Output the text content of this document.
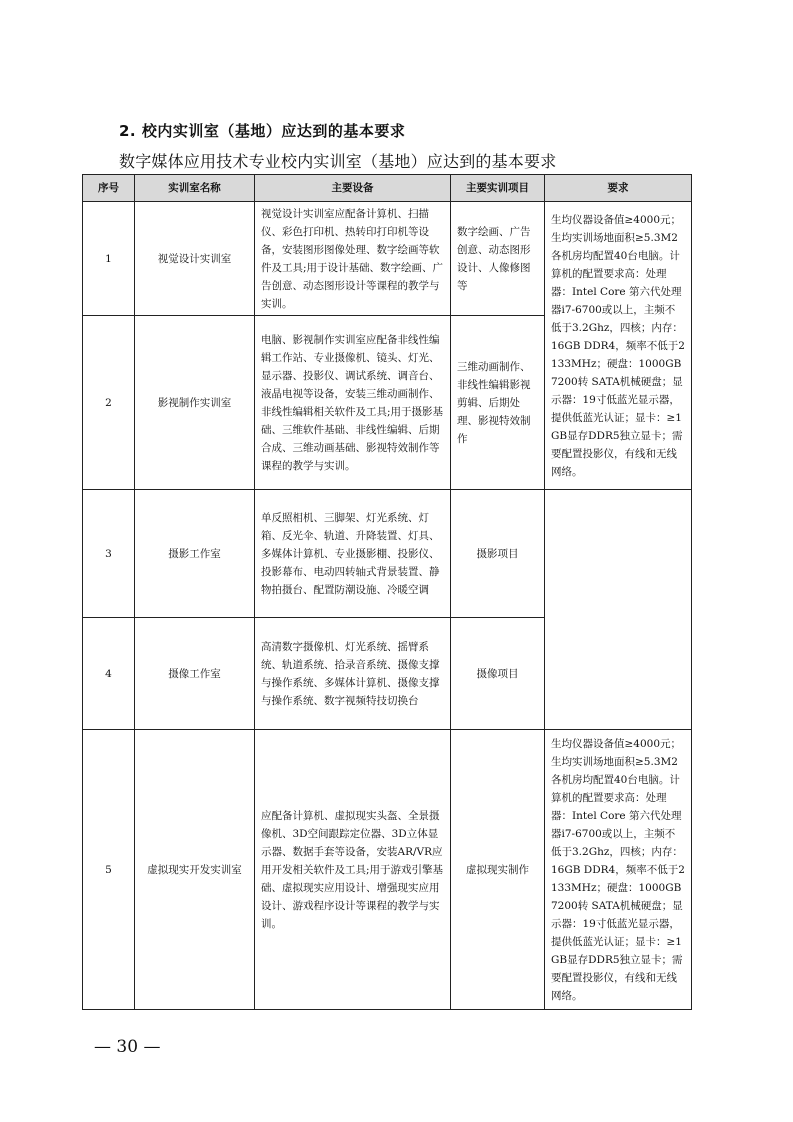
2. 校内实训室（基地）应达到的基本要求
数字媒体应用技术专业校内实训室（基地）应达到的基本要求
序号	实训室名称	主要设备	主要实训项目	要求
1	视觉设计实训室	视觉设计实训室应配备计算机、扫描仪、彩色打印机、热转印打印机等设备，安装图形图像处理、数字绘画等软件及工具;用于设计基础、数字绘画、广告创意、动态图形设计等课程的教学与实训。	数字绘画、广告创意、动态图形设计、人像修图等	生均仪器设备值≥4000元；生均实训场地面积≥5.3M2各机房均配置40台电脑。计算机的配置要求高：处理器：Intel Core 第六代处理器i7-6700或以上，主频不低于3.2Ghz，四核；内存：16GB DDR4，频率不低于2133MHz；硬盘：1000GB 7200转 SATA机械硬盘；显示器：19寸低蓝光显示器，提供低蓝光认证；显卡：≥1GB显存DDR5独立显卡；需要配置投影仪，有线和无线网络。
2	影视制作实训室	电脑、影视制作实训室应配备非线性编辑工作站、专业摄像机、镜头、灯光、显示器、投影仪、调试系统、调音台、液晶电视等设备，安装三维动画制作、非线性编辑相关软件及工具;用于摄影基础、三维软件基础、非线性编辑、后期合成、三维动画基础、影视特效制作等课程的教学与实训。	三维动画制作、非线性编辑影视剪辑、后期处理、影视特效制作	
3	摄影工作室	单反照相机、三脚架、灯光系统、灯箱、反光伞、轨道、升降装置、灯具、多媒体计算机、专业摄影棚、投影仪、投影幕布、电动四转轴式背景装置、静物拍摄台、配置防潮设施、冷暖空调	摄影项目	
4	摄像工作室	高清数字摄像机、灯光系统、摇臂系统、轨道系统、拾录音系统、摄像支撑与操作系统、多媒体计算机、摄像支撑与操作系统、数字视频特技切换台	摄像项目	
5	虚拟现实开发实训室	应配备计算机、虚拟现实头盔、全景摄像机、3D空间跟踪定位器、3D立体显示器、数据手套等设备，安装AR/VR应用开发相关软件及工具;用于游戏引擎基础、虚拟现实应用设计、增强现实应用设计、游戏程序设计等课程的教学与实训。	虚拟现实制作	生均仪器设备值≥4000元；生均实训场地面积≥5.3M2各机房均配置40台电脑。计算机的配置要求高：处理器：Intel Core 第六代处理器i7-6700或以上，主频不低于3.2Ghz，四核；内存：16GB DDR4，频率不低于2133MHz；硬盘：1000GB 7200转 SATA机械硬盘；显示器：19寸低蓝光显示器，提供低蓝光认证；显卡：≥1GB显存DDR5独立显卡；需要配置投影仪，有线和无线网络。
— 30 —
